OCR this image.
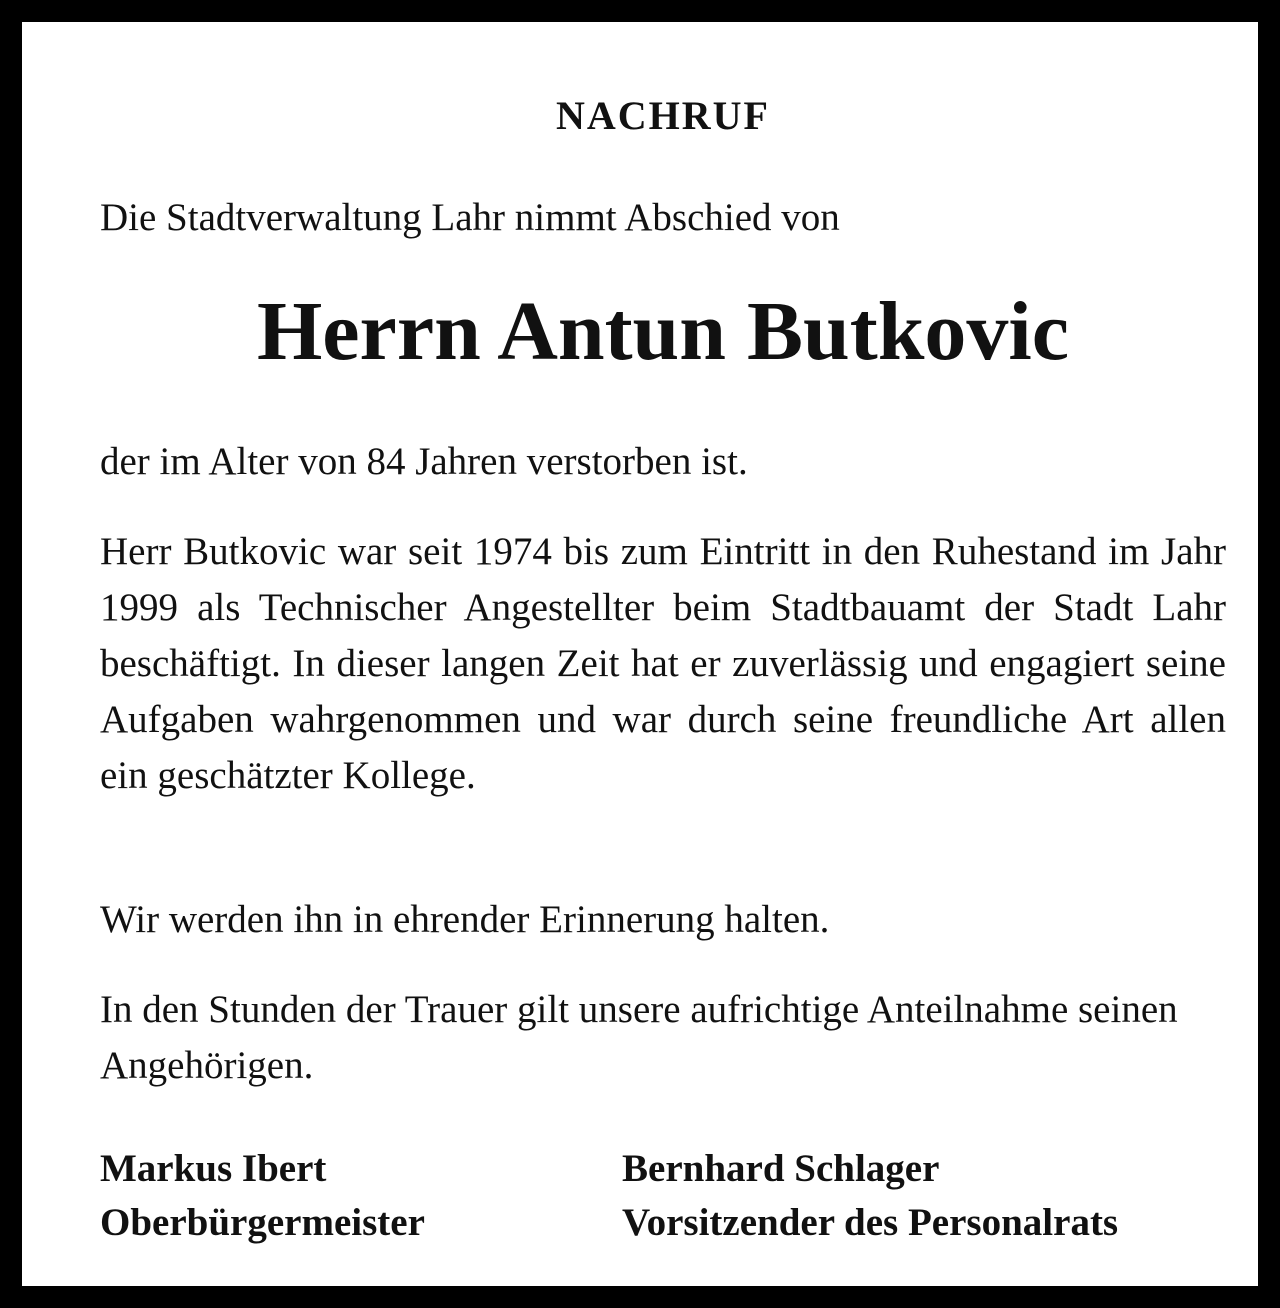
NACHRUF

Die Stadtverwaltung Lahr nimmt Abschied von

Herrn Antun Butkovic

der im Alter von 84 Jahren verstorben ist.

Herr Butkovic war seit 1974 bis zum Eintritt in den Ruhestand im Jahr 1999 als Technischer Angestellter beim Stadtbauamt der Stadt Lahr beschäftigt. In dieser langen Zeit hat er zuverlässig und engagiert seine Aufgaben wahrgenommen und war durch seine freundliche Art allen ein geschätzter Kollege.

Wir werden ihn in ehrender Erinnerung halten.

In den Stunden der Trauer gilt unsere aufrichtige Anteilnahme seinen Angehörigen.

Markus Ibert
Oberbürgermeister
Bernhard Schlager
Vorsitzender des Personalrats
